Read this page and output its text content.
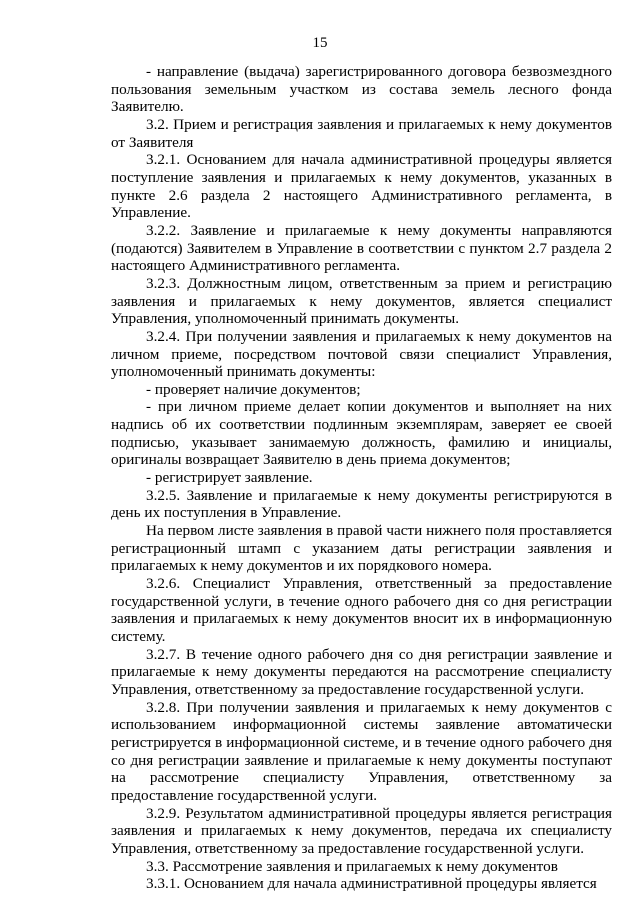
15

- направление (выдача) зарегистрированного договора безвозмездного пользования земельным участком из состава земель лесного фонда Заявителю.

3.2. Прием и регистрация заявления и прилагаемых к нему документов от Заявителя

3.2.1. Основанием для начала административной процедуры является поступление заявления и прилагаемых к нему документов, указанных в пункте 2.6 раздела 2 настоящего Административного регламента, в Управление.

3.2.2. Заявление и прилагаемые к нему документы направляются (подаются) Заявителем в Управление в соответствии с пунктом 2.7 раздела 2 настоящего Административного регламента.

3.2.3. Должностным лицом, ответственным за прием и регистрацию заявления и прилагаемых к нему документов, является специалист Управления, уполномоченный принимать документы.

3.2.4. При получении заявления и прилагаемых к нему документов на личном приеме, посредством почтовой связи специалист Управления, уполномоченный принимать документы:

- проверяет наличие документов;

- при личном приеме делает копии документов и выполняет на них надпись об их соответствии подлинным экземплярам, заверяет ее своей подписью, указывает занимаемую должность, фамилию и инициалы, оригиналы возвращает Заявителю в день приема документов;

- регистрирует заявление.

3.2.5. Заявление и прилагаемые к нему документы регистрируются в день их поступления в Управление.

На первом листе заявления в правой части нижнего поля проставляется регистрационный штамп с указанием даты регистрации заявления и прилагаемых к нему документов и их порядкового номера.

3.2.6. Специалист Управления, ответственный за предоставление государственной услуги, в течение одного рабочего дня со дня регистрации заявления и прилагаемых к нему документов вносит их в информационную систему.

3.2.7. В течение одного рабочего дня со дня регистрации заявление и прилагаемые к нему документы передаются на рассмотрение специалисту Управления, ответственному за предоставление государственной услуги.

3.2.8. При получении заявления и прилагаемых к нему документов с использованием информационной системы заявление автоматически регистрируется в информационной системе, и в течение одного рабочего дня со дня регистрации заявление и прилагаемые к нему документы поступают на рассмотрение специалисту Управления, ответственному за предоставление государственной услуги.

3.2.9. Результатом административной процедуры является регистрация заявления и прилагаемых к нему документов, передача их специалисту Управления, ответственному за предоставление государственной услуги.

3.3. Рассмотрение заявления и прилагаемых к нему документов

3.3.1. Основанием для начала административной процедуры является
